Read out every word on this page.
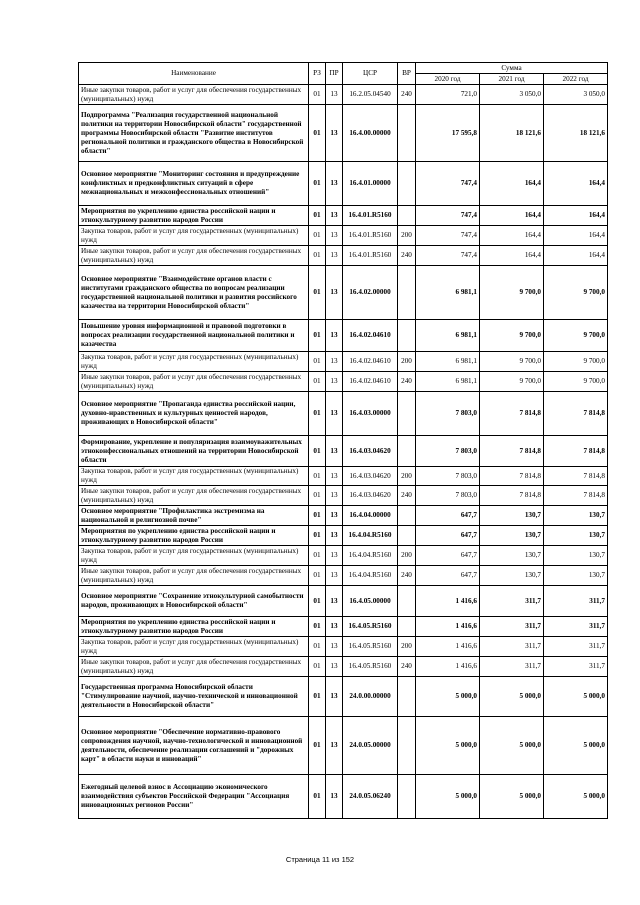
Наименование	РЗ	ПР	ЦСР	ВР	Сумма		
					2020 год	2021 год	2022 год
Иные закупки товаров, работ и услуг для обеспечения государственных (муниципальных) нужд	01	13	16.2.05.04540	240	721,0	3 050,0	3 050,0
Подпрограмма "Реализация государственной национальной политики на территории Новосибирской области" государственной программы Новосибирской области "Развитие институтов региональной политики и гражданского общества в Новосибирской области"	01	13	16.4.00.00000		17 595,8	18 121,6	18 121,6
Основное мероприятие "Мониторинг состояния и предупреждение конфликтных и предконфликтных ситуаций в сфере межнациональных и межконфессиональных отношений"	01	13	16.4.01.00000		747,4	164,4	164,4
Мероприятия по укреплению единства российской нации и этнокультурному развитию народов России	01	13	16.4.01.R5160		747,4	164,4	164,4
Закупка товаров, работ и услуг для государственных (муниципальных) нужд	01	13	16.4.01.R5160	200	747,4	164,4	164,4
Иные закупки товаров, работ и услуг для обеспечения государственных (муниципальных) нужд	01	13	16.4.01.R5160	240	747,4	164,4	164,4
Основное мероприятие "Взаимодействие органов власти с институтами гражданского общества по вопросам реализации государственной национальной политики и развития российского казачества на территории Новосибирской области"	01	13	16.4.02.00000		6 981,1	9 700,0	9 700,0
Повышение уровня информационной и правовой подготовки в вопросах реализации государственной национальной политики и казачества	01	13	16.4.02.04610		6 981,1	9 700,0	9 700,0
Закупка товаров, работ и услуг для государственных (муниципальных) нужд	01	13	16.4.02.04610	200	6 981,1	9 700,0	9 700,0
Иные закупки товаров, работ и услуг для обеспечения государственных (муниципальных) нужд	01	13	16.4.02.04610	240	6 981,1	9 700,0	9 700,0
Основное мероприятие "Пропаганда единства российской нации, духовно-нравственных и культурных ценностей народов, проживающих в Новосибирской области"	01	13	16.4.03.00000		7 803,0	7 814,8	7 814,8
Формирование, укрепление и популяризация взаимоуважительных этноконфессиональных отношений на территории Новосибирской области	01	13	16.4.03.04620		7 803,0	7 814,8	7 814,8
Закупка товаров, работ и услуг для государственных (муниципальных) нужд	01	13	16.4.03.04620	200	7 803,0	7 814,8	7 814,8
Иные закупки товаров, работ и услуг для обеспечения государственных (муниципальных) нужд	01	13	16.4.03.04620	240	7 803,0	7 814,8	7 814,8
Основное мероприятие "Профилактика экстремизма на национальной и религиозной почве"	01	13	16.4.04.00000		647,7	130,7	130,7
Мероприятия по укреплению единства российской нации и этнокультурному развитию народов России	01	13	16.4.04.R5160		647,7	130,7	130,7
Закупка товаров, работ и услуг для государственных (муниципальных) нужд	01	13	16.4.04.R5160	200	647,7	130,7	130,7
Иные закупки товаров, работ и услуг для обеспечения государственных (муниципальных) нужд	01	13	16.4.04.R5160	240	647,7	130,7	130,7
Основное мероприятие "Сохранение этнокультурной самобытности народов, проживающих в Новосибирской области"	01	13	16.4.05.00000		1 416,6	311,7	311,7
Мероприятия по укреплению единства российской нации и этнокультурному развитию народов России	01	13	16.4.05.R5160		1 416,6	311,7	311,7
Закупка товаров, работ и услуг для государственных (муниципальных) нужд	01	13	16.4.05.R5160	200	1 416,6	311,7	311,7
Иные закупки товаров, работ и услуг для обеспечения государственных (муниципальных) нужд	01	13	16.4.05.R5160	240	1 416,6	311,7	311,7
Государственная программа Новосибирской области "Стимулирование научной, научно-технической и инновационной деятельности в Новосибирской области"	01	13	24.0.00.00000		5 000,0	5 000,0	5 000,0
Основное мероприятие "Обеспечение нормативно-правового сопровождения научной, научно-технологической и инновационной деятельности, обеспечение реализации соглашений и "дорожных карт" в области науки и инноваций"	01	13	24.0.05.00000		5 000,0	5 000,0	5 000,0
Ежегодный целевой взнос в Ассоциацию экономического взаимодействия субъектов Российской Федерации "Ассоциация инновационных регионов России"	01	13	24.0.05.06240		5 000,0	5 000,0	5 000,0
Страница 11 из 152
